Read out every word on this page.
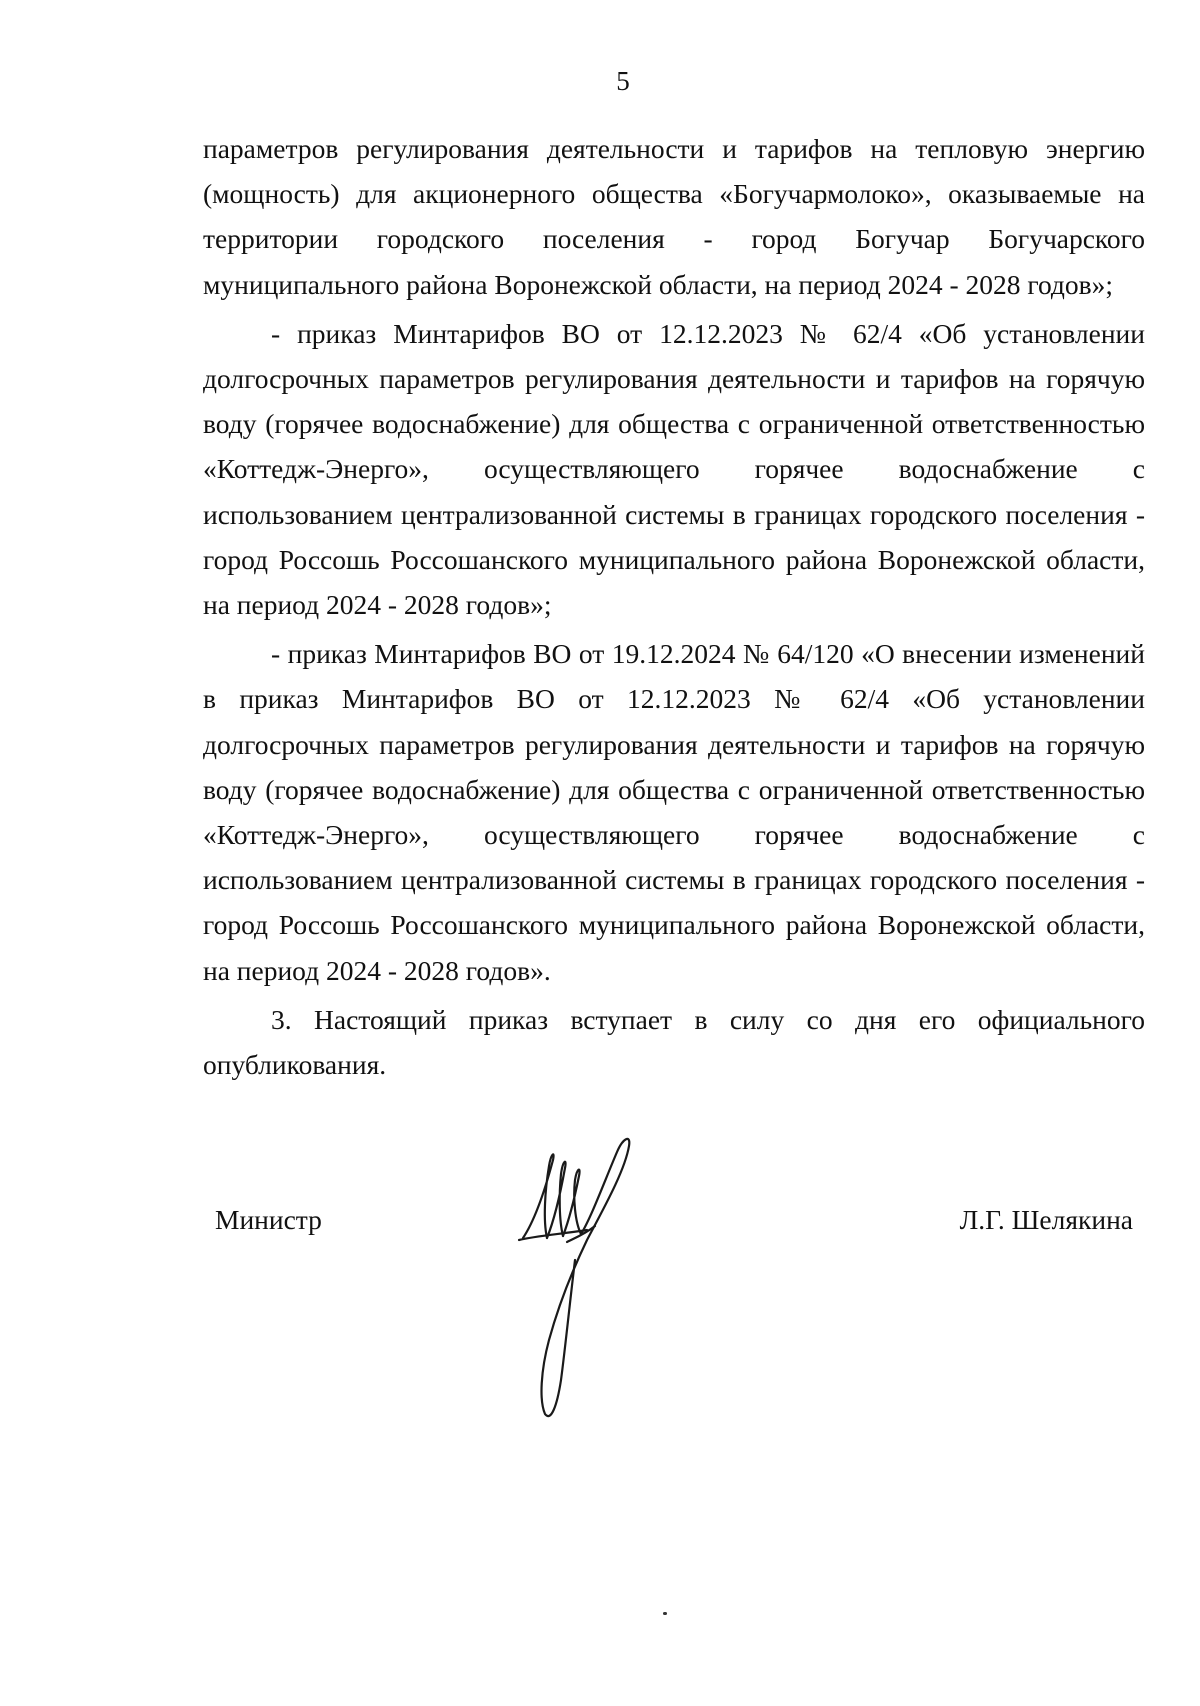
5

параметров регулирования деятельности и тарифов на тепловую энергию (мощность) для акционерного общества «Богучармолоко», оказываемые на территории городского поселения - город Богучар Богучарского муниципального района Воронежской области, на период 2024 - 2028 годов»;

- приказ Минтарифов ВО от 12.12.2023 № 62/4 «Об установлении долгосрочных параметров регулирования деятельности и тарифов на горячую воду (горячее водоснабжение) для общества с ограниченной ответственностью «Коттедж-Энерго», осуществляющего горячее водоснабжение с использованием централизованной системы в границах городского поселения - город Россошь Россошанского муниципального района Воронежской области, на период 2024 - 2028 годов»;

- приказ Минтарифов ВО от 19.12.2024 № 64/120 «О внесении изменений в приказ Минтарифов ВО от 12.12.2023 № 62/4 «Об установлении долгосрочных параметров регулирования деятельности и тарифов на горячую воду (горячее водоснабжение) для общества с ограниченной ответственностью «Коттедж-Энерго», осуществляющего горячее водоснабжение с использованием централизованной системы в границах городского поселения - город Россошь Россошанского муниципального района Воронежской области, на период 2024 - 2028 годов».

3. Настоящий приказ вступает в силу со дня его официального опубликования.

Министр	Л.Г. Шелякина
